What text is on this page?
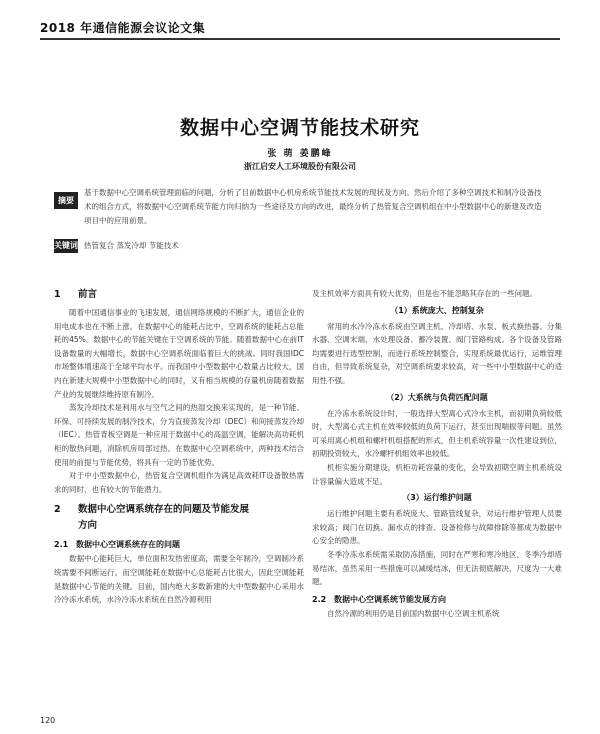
2018 年通信能源会议论文集
数据中心空调节能技术研究
张 萌 姜鹏峰
浙江启安人工环境股份有限公司
摘要
基于数据中心空调系统管理面临的问题，分析了目前数据中心机房系统节能技术发展的现状及方向。然后介绍了多种空调技术和制冷设备技术的组合方式，将数据中心空调系统节能方向归纳为一些途径及方向的改进，最终分析了热管复合空调机组在中小型数据中心的新建及改造项目中的应用前景。
关键词 热管复合 蒸发冷却 节能技术
1 前言

随着中国通信事业的飞速发展，通信网络规模的不断扩大，通信企业的用电成本也在不断上涨。在数据中心的能耗占比中，空调系统的能耗占总能耗的45%。数据中心的节能关键在于空调系统的节能。随着数据中心在前IT设备数量的大幅增长，数据中心空调系统面临着巨大的挑战。同时我国IDC市场整体增速高于全球平均水平。而我国中小型数据中心数量占比较大，国内在新建大规模中小型数据中心的同时，又有相当规模的存量机房随着数据产业的发展继续维持原有制冷。

蒸发冷却技术是利用水与空气之间的热湿交换来实现的，是一种节能、环保、可持续发展的制冷技术，分为直接蒸发冷却（DEC）和间接蒸发冷却（IEC）。热管背板空调是一种应用于数据中心的高温空调，能解决高功耗机柜的散热问题，消除机房局部过热。在数据中心空调系统中，两种技术结合使用的前提与节能优势，将具有一定的节能优势。

对于中小型数据中心，热管复合空调机组作为满足高效耗IT设备散热需求的同时，也有较大的节能潜力。

2 数据中心空调系统存在的问题及节能发展
方向
2.1 数据中心空调系统存在的问题

数据中心能耗巨大，单位面积发热密度高，需要全年制冷，空调制冷系统需要不间断运行。而空调能耗在数据中心总能耗占比很大，因此空调能耗是数据中心节能的关键。目前，国内绝大多数新建的大中型数据中心采用水冷冷冻水系统，水冷冷冻水系统在自然冷源利用

及主机效率方面具有较大优势，但是也不能忽略其存在的一些问题。

（1）系统庞大、控制复杂

常用的水冷冷冻水系统由空调主机、冷却塔、水泵、板式换热器、分集水器、空调末端、水处理设备、蓄冷装置、阀门管路构成。各个设备及管路均需要进行选型控制，而进行系统控制整合，实现系统最优运行，运维管理自由，但导致系统复杂，对空调系统要求较高，对一些中小型数据中心的适用性不强。

（2）大系统与负荷匹配问题

在冷冻水系统设计时，一般选择大型离心式冷水主机，而初期负荷较低时，大型离心式主机在效率较低的负荷下运行，甚至出现喘振等问题。虽然可采用离心机组和螺杆机组搭配的形式，但主机系统容量一次性建设到位，初期投资较大，水冷螺杆机组效率也较低。

机柜实施分期建设，机柜功耗容量的变化，会导致初期空调主机系统设计容量偏大造成不足。

（3）运行维护问题

运行维护问题主要有系统庞大、管路管线复杂，对运行维护管理人员要求较高；阀门在切换、漏水点的排查、设备检修与故障排除等都成为数据中心安全的隐患。

冬季冷冻水系统需采取防冻措施，同时在严寒和寒冷地区，冬季冷却塔易结冰，虽然采用一些措施可以减缓结冰，但无法彻底解决，尺度为一大难题。

2.2 数据中心空调系统节能发展方向

自然冷源的利用仍是目前国内数据中心空调主机系统

120
